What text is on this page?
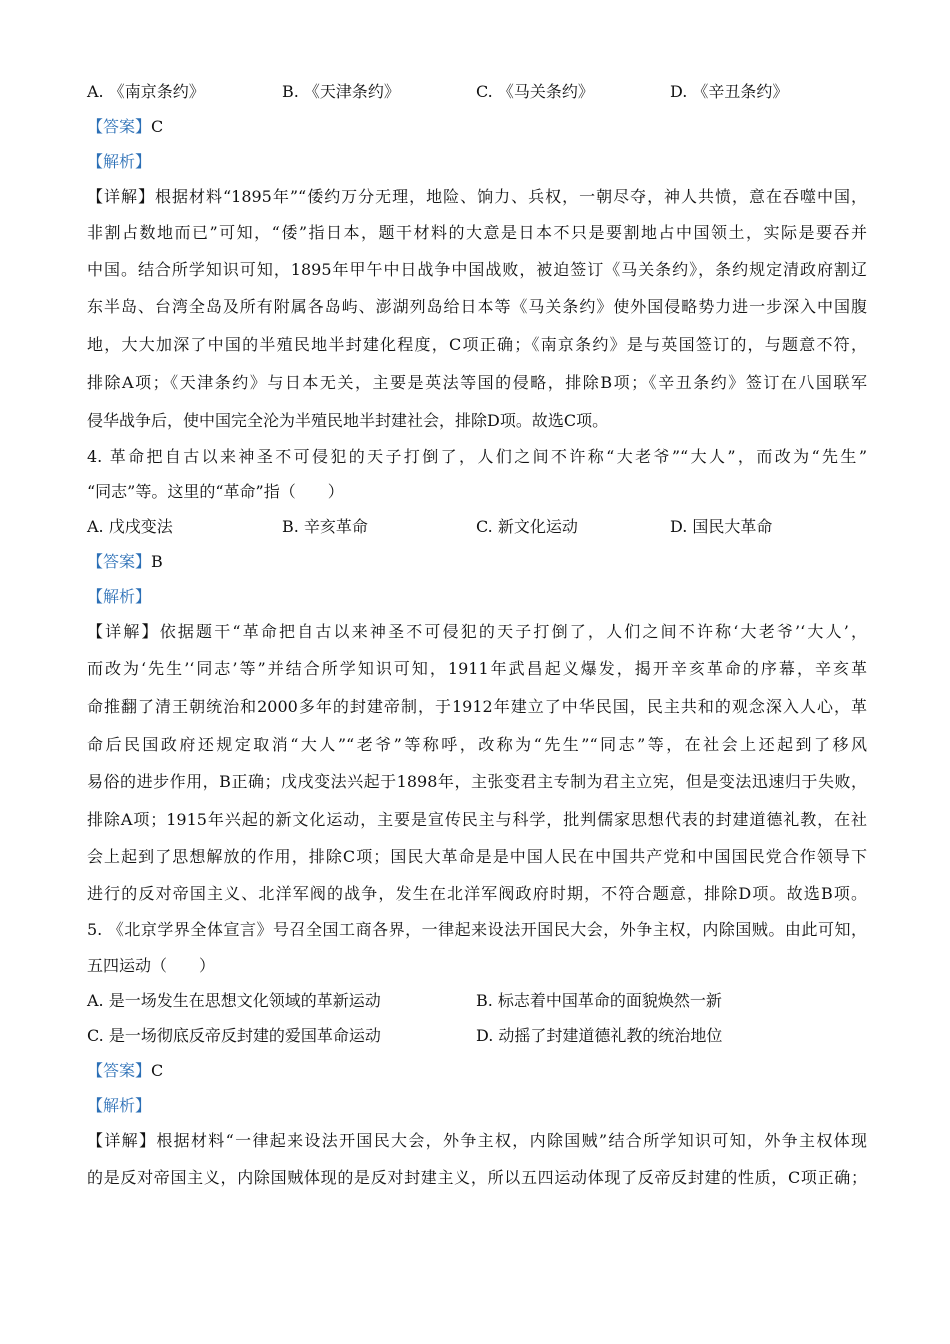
A. 《南京条约》	B. 《天津条约》	C. 《马关条约》	D. 《辛丑条约》
【答案】C
【解析】
【详解】根据材料“1895年”“倭约万分无理，地险、饷力、兵权，一朝尽夺，神人共愤，意在吞噬中国，
非割占数地而已”可知，“倭”指日本，题干材料的大意是日本不只是要割地占中国领土，实际是要吞并
中国。结合所学知识可知，1895年甲午中日战争中国战败，被迫签订《马关条约》，条约规定清政府割辽
东半岛、台湾全岛及所有附属各岛屿、澎湖列岛给日本等《马关条约》使外国侵略势力进一步深入中国腹
地，大大加深了中国的半殖民地半封建化程度，C项正确；《南京条约》是与英国签订的，与题意不符，
排除A项；《天津条约》与日本无关，主要是英法等国的侵略，排除B项；《辛丑条约》签订在八国联军
侵华战争后，使中国完全沦为半殖民地半封建社会，排除D项。故选C项。
4. 革命把自古以来神圣不可侵犯的天子打倒了，人们之间不许称“大老爷”“大人”，而改为“先生”
“同志”等。这里的“革命”指（　　）
A. 戊戌变法	B. 辛亥革命	C. 新文化运动	D. 国民大革命
【答案】B
【解析】
【详解】依据题干“革命把自古以来神圣不可侵犯的天子打倒了，人们之间不许称‘大老爷’‘大人’，
而改为‘先生’‘同志’等”并结合所学知识可知，1911年武昌起义爆发，揭开辛亥革命的序幕，辛亥革
命推翻了清王朝统治和2000多年的封建帝制，于1912年建立了中华民国，民主共和的观念深入人心，革
命后民国政府还规定取消“大人”“老爷”等称呼，改称为“先生”“同志”等，在社会上还起到了移风
易俗的进步作用，B正确；戊戌变法兴起于1898年，主张变君主专制为君主立宪，但是变法迅速归于失败，
排除A项；1915年兴起的新文化运动，主要是宣传民主与科学，批判儒家思想代表的封建道德礼教，在社
会上起到了思想解放的作用，排除C项；国民大革命是是中国人民在中国共产党和中国国民党合作领导下
进行的反对帝国主义、北洋军阀的战争，发生在北洋军阀政府时期，不符合题意，排除D项。故选B项。
5. 《北京学界全体宣言》号召全国工商各界，一律起来设法开国民大会，外争主权，内除国贼。由此可知，
五四运动（　　）
A. 是一场发生在思想文化领域的革新运动	B. 标志着中国革命的面貌焕然一新
C. 是一场彻底反帝反封建的爱国革命运动	D. 动摇了封建道德礼教的统治地位
【答案】C
【解析】
【详解】根据材料“一律起来设法开国民大会，外争主权，内除国贼”结合所学知识可知，外争主权体现
的是反对帝国主义，内除国贼体现的是反对封建主义，所以五四运动体现了反帝反封建的性质，C项正确；
